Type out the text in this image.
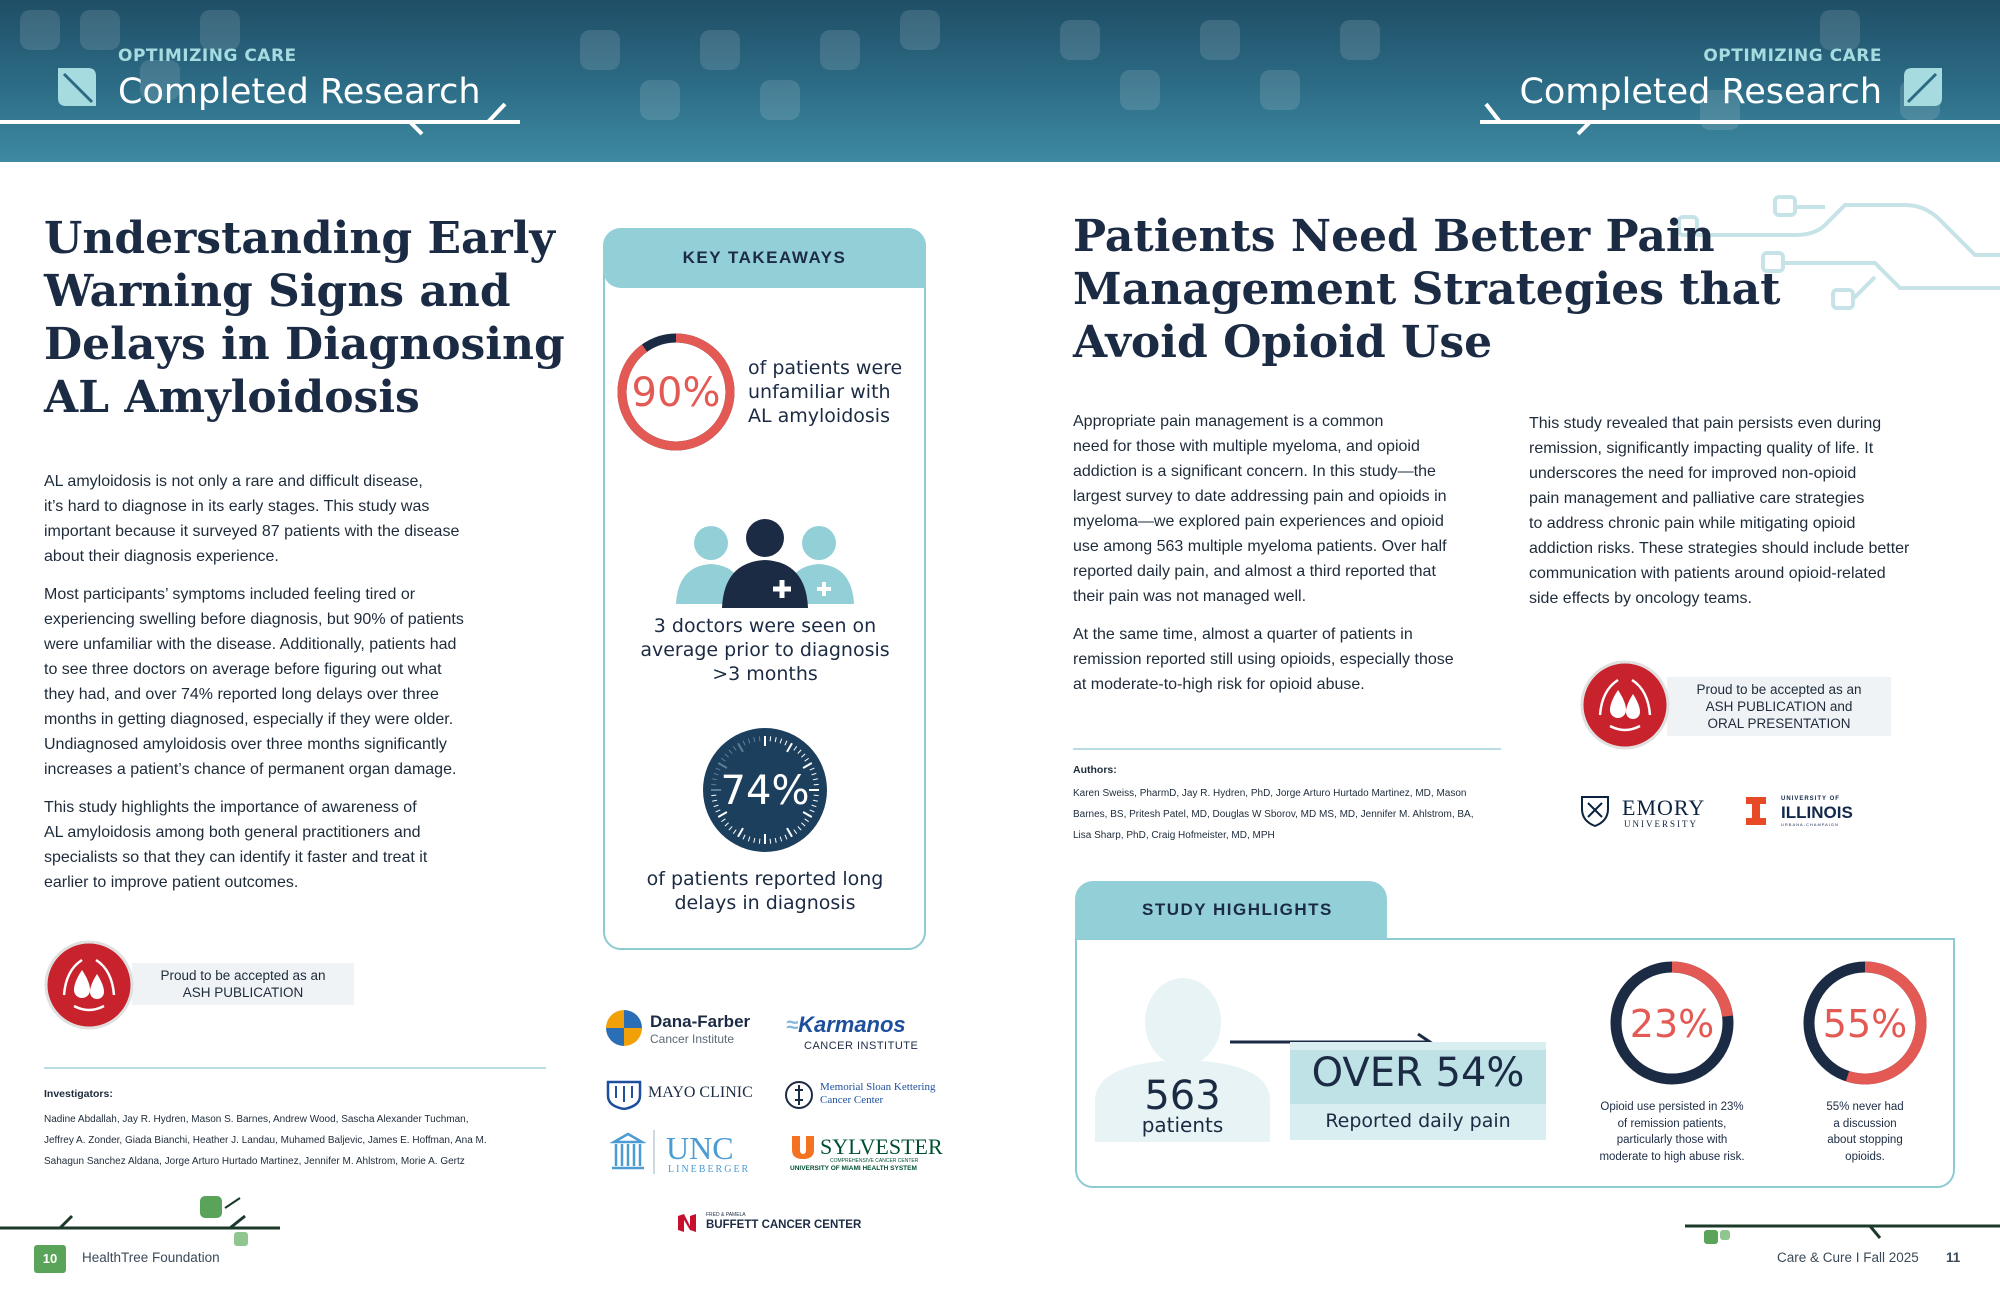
OPTIMIZING CARE
Completed Research
OPTIMIZING CARE
Completed Research
Understanding Early
Warning Signs and
Delays in Diagnosing
AL Amyloidosis

AL amyloidosis is not only a rare and difficult disease,
it’s hard to diagnose in its early stages. This study was
important because it surveyed 87 patients with the disease
about their diagnosis experience.

Most participants’ symptoms included feeling tired or
experiencing swelling before diagnosis, but 90% of patients
were unfamiliar with the disease. Additionally, patients had
to see three doctors on average before figuring out what
they had, and over 74% reported long delays over three
months in getting diagnosed, especially if they were older.
Undiagnosed amyloidosis over three months significantly
increases a patient’s chance of permanent organ damage.

This study highlights the importance of awareness of
AL amyloidosis among both general practitioners and
specialists so that they can identify it faster and treat it
earlier to improve patient outcomes.

Proud to be accepted as an
ASH PUBLICATION
Investigators:
Nadine Abdallah, Jay R. Hydren, Mason S. Barnes, Andrew Wood, Sascha Alexander Tuchman,
Jeffrey A. Zonder, Giada Bianchi, Heather J. Landau, Muhamed Baljevic, James E. Hoffman, Ana M.
Sahagun Sanchez Aldana, Jorge Arturo Hurtado Martinez, Jennifer M. Ahlstrom, Morie A. Gertz
KEY TAKEAWAYS
90%
of patients were
unfamiliar with
AL amyloidosis
3 doctors were seen on
average prior to diagnosis
>3 months
74%
of patients reported long
delays in diagnosis
Dana-Farber
Cancer Institute
≈Karmanos
CANCER INSTITUTE
MAYO CLINIC	Memorial Sloan Kettering
Cancer Center
UNC
LINEBERGER
SYLVESTER
COMPREHENSIVE CANCER CENTER
UNIVERSITY OF MIAMI HEALTH SYSTEM
FRED & PAMELA
BUFFETT CANCER CENTER
Patients Need Better Pain
Management Strategies that
Avoid Opioid Use

Appropriate pain management is a common
need for those with multiple myeloma, and opioid
addiction is a significant concern. In this study—the
largest survey to date addressing pain and opioids in
myeloma—we explored pain experiences and opioid
use among 563 multiple myeloma patients. Over half
reported daily pain, and almost a third reported that
their pain was not managed well.

At the same time, almost a quarter of patients in
remission reported still using opioids, especially those
at moderate-to-high risk for opioid abuse.

This study revealed that pain persists even during
remission, significantly impacting quality of life. It
underscores the need for improved non-opioid
pain management and palliative care strategies
to address chronic pain while mitigating opioid
addiction risks. These strategies should include better
communication with patients around opioid-related
side effects by oncology teams.

Proud to be accepted as an
ASH PUBLICATION and
ORAL PRESENTATION
Authors:
Karen Sweiss, PharmD, Jay R. Hydren, PhD, Jorge Arturo Hurtado Martinez, MD, Mason
Barnes, BS, Pritesh Patel, MD, Douglas W Sborov, MD MS, MD, Jennifer M. Ahlstrom, BA,
Lisa Sharp, PhD, Craig Hofmeister, MD, MPH
EMORY
UNIVERSITY
UNIVERSITY OF
ILLINOIS
URBANA-CHAMPAIGN
STUDY HIGHLIGHTS
563
patients
OVER 54%
Reported daily pain
23%
Opioid use persisted in 23%
of remission patients,
particularly those with
moderate to high abuse risk.
55%
55% never had
a discussion
about stopping
opioids.
10	HealthTree Foundation	Care & Cure I Fall 2025 11
